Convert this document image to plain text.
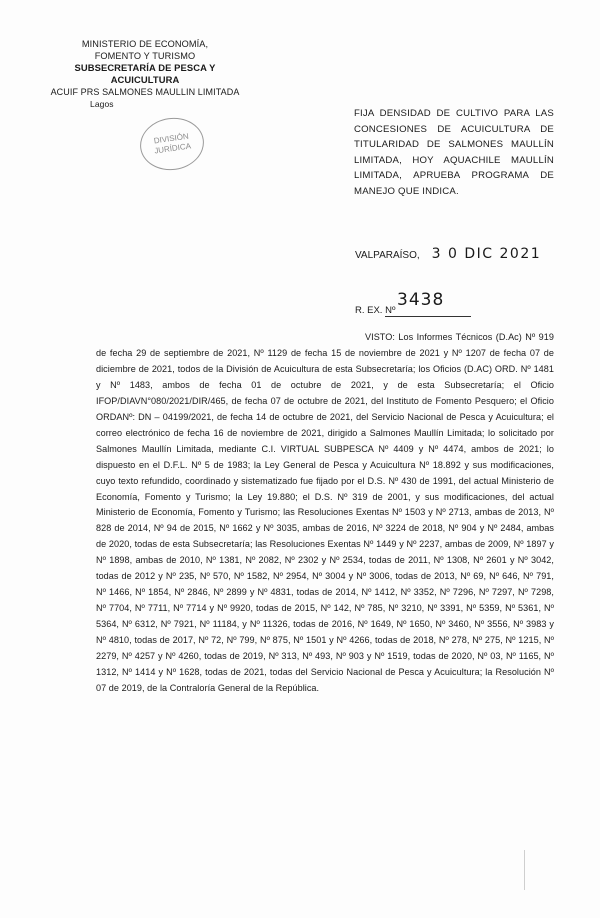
MINISTERIO DE ECONOMÍA,
FOMENTO Y TURISMO
SUBSECRETARÍA DE PESCA Y ACUICULTURA
ACUIF PRS SALMONES MAULLIN LIMITADA
Lagos
DIVISIÓN
JURÍDICA
FIJA DENSIDAD DE CULTIVO PARA LAS CONCESIONES DE ACUICULTURA DE TITULARIDAD DE SALMONES MAULLÍN LIMITADA, HOY AQUACHILE MAULLÍN LIMITADA, APRUEBA PROGRAMA DE MANEJO QUE INDICA.
VALPARAÍSO, 3 0 DIC 2021
R. EX. Nº
3438
VISTO: Los Informes Técnicos (D.Ac) Nº 919 de fecha 29 de septiembre de 2021, Nº 1129 de fecha 15 de noviembre de 2021 y Nº 1207 de fecha 07 de diciembre de 2021, todos de la División de Acuicultura de esta Subsecretaría; los Oficios (D.AC) ORD. Nº 1481 y Nº 1483, ambos de fecha 01 de octubre de 2021, y de esta Subsecretaría; el Oficio IFOP/DIAVN°080/2021/DIR/465, de fecha 07 de octubre de 2021, del Instituto de Fomento Pesquero; el Oficio ORDANº: DN – 04199/2021, de fecha 14 de octubre de 2021, del Servicio Nacional de Pesca y Acuicultura; el correo electrónico de fecha 16 de noviembre de 2021, dirigido a Salmones Maullín Limitada; lo solicitado por Salmones Maullín Limitada, mediante C.I. VIRTUAL SUBPESCA Nº 4409 y Nº 4474, ambos de 2021; lo dispuesto en el D.F.L. Nº 5 de 1983; la Ley General de Pesca y Acuicultura Nº 18.892 y sus modificaciones, cuyo texto refundido, coordinado y sistematizado fue fijado por el D.S. Nº 430 de 1991, del actual Ministerio de Economía, Fomento y Turismo; la Ley 19.880; el D.S. Nº 319 de 2001, y sus modificaciones, del actual Ministerio de Economía, Fomento y Turismo; las Resoluciones Exentas Nº 1503 y Nº 2713, ambas de 2013, Nº 828 de 2014, Nº 94 de 2015, Nº 1662 y Nº 3035, ambas de 2016, Nº 3224 de 2018, Nº 904 y Nº 2484, ambas de 2020, todas de esta Subsecretaría; las Resoluciones Exentas Nº 1449 y Nº 2237, ambas de 2009, Nº 1897 y Nº 1898, ambas de 2010, Nº 1381, Nº 2082, Nº 2302 y Nº 2534, todas de 2011, Nº 1308, Nº 2601 y Nº 3042, todas de 2012 y Nº 235, Nº 570, Nº 1582, Nº 2954, Nº 3004 y Nº 3006, todas de 2013, Nº 69, Nº 646, Nº 791, Nº 1466, Nº 1854, Nº 2846, Nº 2899 y Nº 4831, todas de 2014, Nº 1412, Nº 3352, Nº 7296, Nº 7297, Nº 7298, Nº 7704, Nº 7711, Nº 7714 y Nº 9920, todas de 2015, Nº 142, Nº 785, Nº 3210, Nº 3391, Nº 5359, Nº 5361, Nº 5364, Nº 6312, Nº 7921, Nº 11184, y Nº 11326, todas de 2016, Nº 1649, Nº 1650, Nº 3460, Nº 3556, Nº 3983 y Nº 4810, todas de 2017, Nº 72, Nº 799, Nº 875, Nº 1501 y Nº 4266, todas de 2018, Nº 278, Nº 275, Nº 1215, Nº 2279, Nº 4257 y Nº 4260, todas de 2019, Nº 313, Nº 493, Nº 903 y Nº 1519, todas de 2020, Nº 03, Nº 1165, Nº 1312, Nº 1414 y Nº 1628, todas de 2021, todas del Servicio Nacional de Pesca y Acuicultura; la Resolución Nº 07 de 2019, de la Contraloría General de la República.
